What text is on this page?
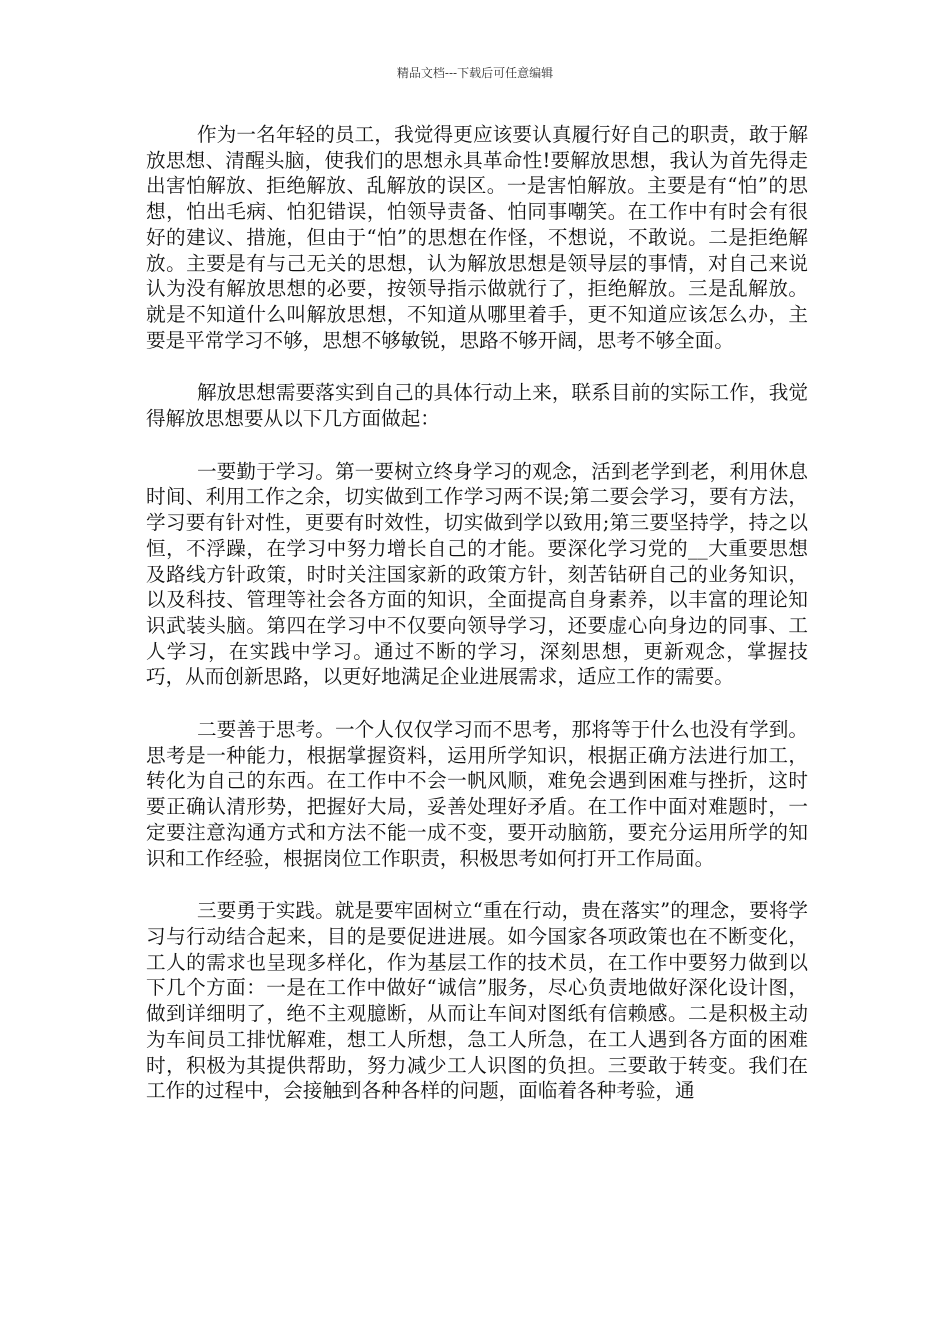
精品文档---下载后可任意编辑

作为一名年轻的员工，我觉得更应该要认真履行好自己的职责，敢于解放思想、清醒头脑，使我们的思想永具革命性!要解放思想，我认为首先得走出害怕解放、拒绝解放、乱解放的误区。一是害怕解放。主要是有“怕”的思想，怕出毛病、怕犯错误，怕领导责备、怕同事嘲笑。在工作中有时会有很好的建议、措施，但由于“怕”的思想在作怪，不想说，不敢说。二是拒绝解放。主要是有与己无关的思想，认为解放思想是领导层的事情，对自己来说认为没有解放思想的必要，按领导指示做就行了，拒绝解放。三是乱解放。就是不知道什么叫解放思想，不知道从哪里着手，更不知道应该怎么办，主要是平常学习不够，思想不够敏锐，思路不够开阔，思考不够全面。

解放思想需要落实到自己的具体行动上来，联系目前的实际工作，我觉得解放思想要从以下几方面做起：

一要勤于学习。第一要树立终身学习的观念，活到老学到老，利用休息时间、利用工作之余，切实做到工作学习两不误;第二要会学习，要有方法，学习要有针对性，更要有时效性，切实做到学以致用;第三要坚持学，持之以恒，不浮躁，在学习中努力增长自己的才能。要深化学习党的__大重要思想及路线方针政策，时时关注国家新的政策方针，刻苦钻研自己的业务知识，以及科技、管理等社会各方面的知识，全面提高自身素养，以丰富的理论知识武装头脑。第四在学习中不仅要向领导学习，还要虚心向身边的同事、工人学习，在实践中学习。通过不断的学习，深刻思想，更新观念，掌握技巧，从而创新思路，以更好地满足企业进展需求，适应工作的需要。

二要善于思考。一个人仅仅学习而不思考，那将等于什么也没有学到。思考是一种能力，根据掌握资料，运用所学知识，根据正确方法进行加工，转化为自己的东西。在工作中不会一帆风顺，难免会遇到困难与挫折，这时要正确认清形势，把握好大局，妥善处理好矛盾。在工作中面对难题时，一定要注意沟通方式和方法不能一成不变，要开动脑筋，要充分运用所学的知识和工作经验，根据岗位工作职责，积极思考如何打开工作局面。

三要勇于实践。就是要牢固树立“重在行动，贵在落实”的理念，要将学习与行动结合起来，目的是要促进进展。如今国家各项政策也在不断变化，工人的需求也呈现多样化，作为基层工作的技术员，在工作中要努力做到以下几个方面：一是在工作中做好“诚信”服务，尽心负责地做好深化设计图，做到详细明了，绝不主观臆断，从而让车间对图纸有信赖感。二是积极主动为车间员工排忧解难，想工人所想，急工人所急，在工人遇到各方面的困难时，积极为其提供帮助，努力减少工人识图的负担。三要敢于转变。我们在工作的过程中，会接触到各种各样的问题，面临着各种考验，通
